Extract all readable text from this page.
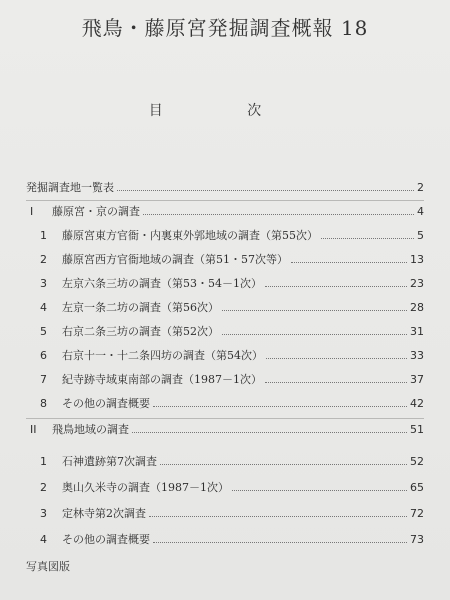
飛鳥・藤原宮発掘調査概報 18
目 次
発掘調査地一覧表	2
I	藤原宮・京の調査	4
1	藤原宮東方官衙・内裏東外郭地域の調査（第55次）	5
2	藤原宮西方官衙地域の調査（第51・57次等）	13
3	左京六条三坊の調査（第53・54－1次）	23
4	左京一条二坊の調査（第56次）	28
5	右京二条三坊の調査（第52次）	31
6	右京十一・十二条四坊の調査（第54次）	33
7	紀寺跡寺域東南部の調査（1987－1次）	37
8	その他の調査概要	42
II	飛鳥地域の調査	51
1	石神遺跡第7次調査	52
2	奥山久米寺の調査（1987－1次）	65
3	定林寺第2次調査	72
4	その他の調査概要	73
写真図版
